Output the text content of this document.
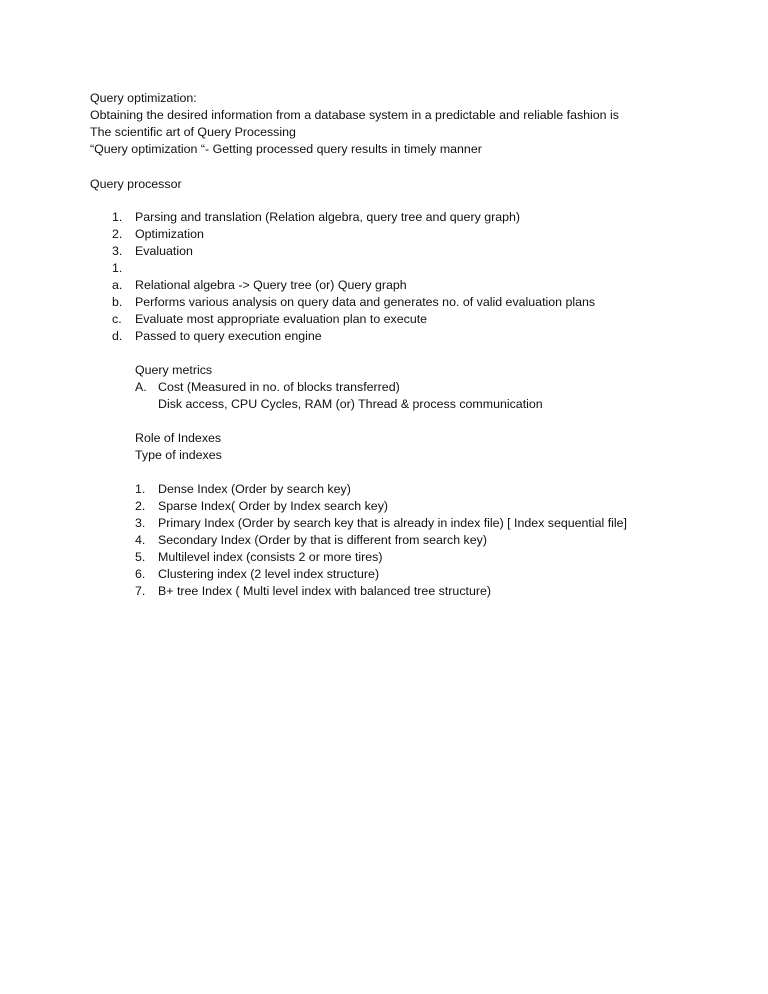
Query optimization:
Obtaining the desired information from a database system in a predictable and reliable fashion is
The scientific art of Query Processing
“Query optimization “- Getting processed query results in timely manner
Query processor
1. Parsing and translation (Relation algebra, query tree and query graph)
2. Optimization
3. Evaluation
1.
a. Relational algebra -> Query tree (or) Query graph
b. Performs various analysis on query data and generates no. of valid evaluation plans
c. Evaluate most appropriate evaluation plan to execute
d. Passed to query execution engine
Query metrics
A. Cost (Measured in no. of blocks transferred)
Disk access, CPU Cycles, RAM (or) Thread & process communication
Role of Indexes
Type of indexes
1. Dense Index (Order by search key)
2. Sparse Index( Order by Index search key)
3. Primary Index (Order by search key that is already in index file) [ Index sequential file]
4. Secondary Index (Order by that is different from search key)
5. Multilevel index (consists 2 or more tires)
6. Clustering index (2 level index structure)
7. B+ tree Index ( Multi level index with balanced tree structure)
